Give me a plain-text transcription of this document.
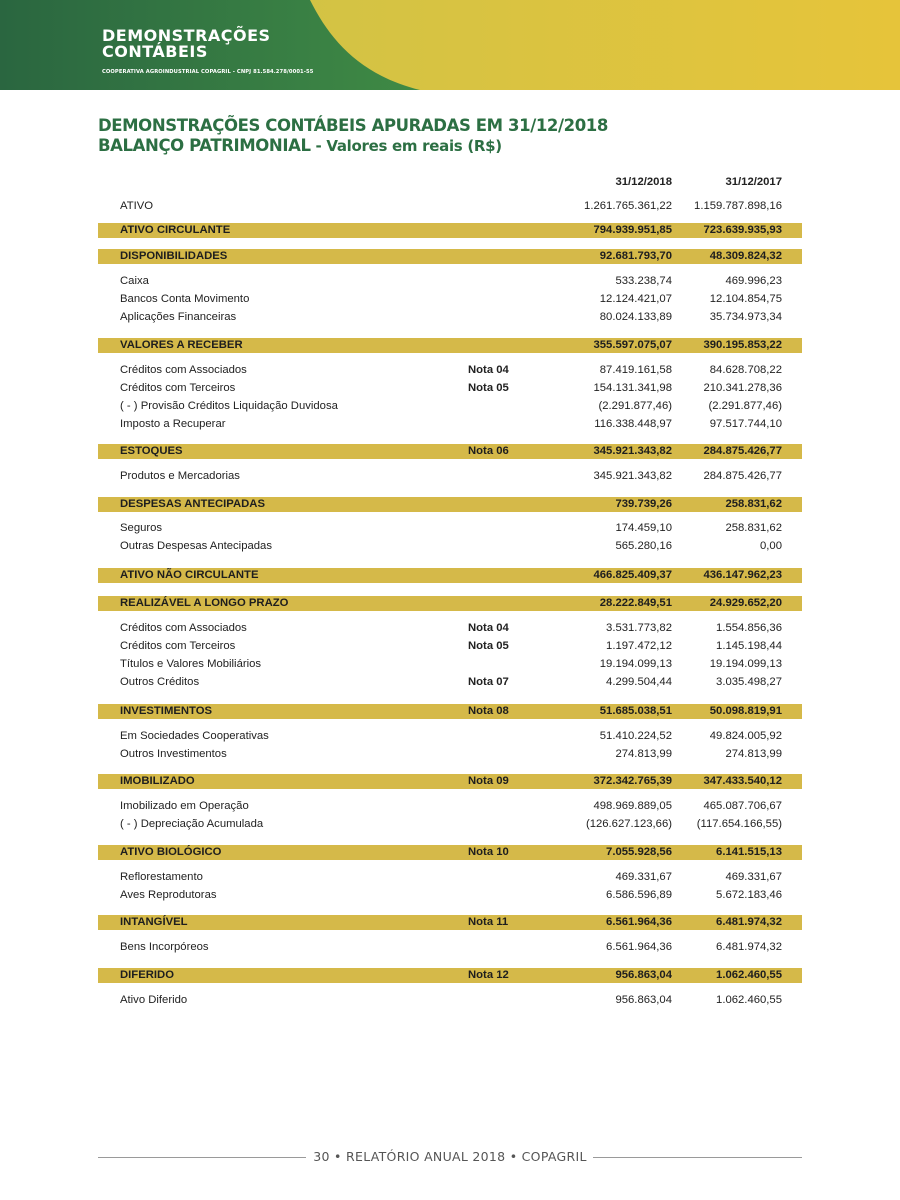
DEMONSTRAÇÕES
CONTÁBEIS
COOPERATIVA AGROINDUSTRIAL COPAGRIL - CNPJ 81.584.278/0001-55
DEMONSTRAÇÕES CONTÁBEIS APURADAS EM 31/12/2018
BALANÇO PATRIMONIAL - Valores em reais (R$)
31/12/2018	31/12/2017
ATIVO	1.261.765.361,22 1.159.787.898,16
ATIVO CIRCULANTE	794.939.951,85	723.639.935,93
DISPONIBILIDADES	92.681.793,70	48.309.824,32
Caixa	533.238,74	469.996,23
Bancos Conta Movimento	12.124.421,07	12.104.854,75
Aplicações Financeiras	80.024.133,89	35.734.973,34
VALORES A RECEBER	355.597.075,07	390.195.853,22
Créditos com Associados	Nota 04	87.419.161,58	84.628.708,22
Créditos com Terceiros	Nota 05	154.131.341,98	210.341.278,36
( - ) Provisão Créditos Liquidação Duvidosa	(2.291.877,46)	(2.291.877,46)
Imposto a Recuperar	116.338.448,97	97.517.744,10
ESTOQUES	Nota 06	345.921.343,82	284.875.426,77
Produtos e Mercadorias	345.921.343,82	284.875.426,77
DESPESAS ANTECIPADAS	739.739,26	258.831,62
Seguros	174.459,10	258.831,62
Outras Despesas Antecipadas	565.280,16	0,00
ATIVO NÃO CIRCULANTE	466.825.409,37	436.147.962,23
REALIZÁVEL A LONGO PRAZO	28.222.849,51	24.929.652,20
Créditos com Associados	Nota 04	3.531.773,82	1.554.856,36
Créditos com Terceiros	Nota 05	1.197.472,12	1.145.198,44
Títulos e Valores Mobiliários	19.194.099,13	19.194.099,13
Outros Créditos	Nota 07	4.299.504,44	3.035.498,27
INVESTIMENTOS	Nota 08	51.685.038,51	50.098.819,91
Em Sociedades Cooperativas	51.410.224,52	49.824.005,92
Outros Investimentos	274.813,99	274.813,99
IMOBILIZADO	Nota 09	372.342.765,39	347.433.540,12
Imobilizado em Operação	498.969.889,05	465.087.706,67
( - ) Depreciação Acumulada	(126.627.123,66) (117.654.166,55)
ATIVO BIOLÓGICO	Nota 10	7.055.928,56	6.141.515,13
Reflorestamento	469.331,67	469.331,67
Aves Reprodutoras	6.586.596,89	5.672.183,46
INTANGÍVEL	Nota 11	6.561.964,36	6.481.974,32
Bens Incorpóreos	6.561.964,36	6.481.974,32
DIFERIDO	Nota 12	956.863,04	1.062.460,55
Ativo Diferido	956.863,04	1.062.460,55
30 • RELATÓRIO ANUAL 2018 • COPAGRIL
